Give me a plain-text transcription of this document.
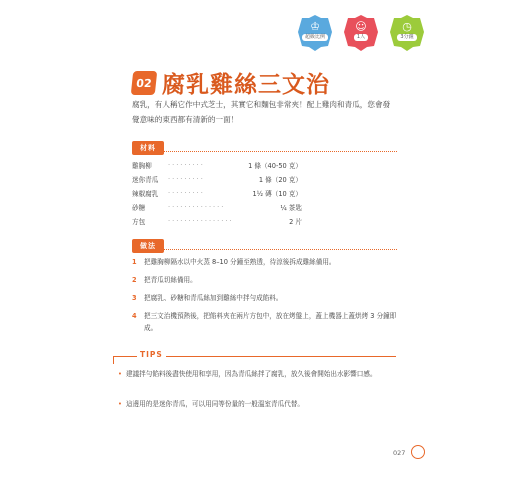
♔
超級比例
☺
1人
◷
3分鐘
02 腐乳雞絲三文治
腐乳，有人稱它作中式芝士，其實它和麵包非常夾！配上雞肉和青瓜，您會發覺意味的東西都有清新的一面！
材料
雞胸柳	·········	1 條（40-50 克）
迷你青瓜	·········	1 條（20 克）
辣椒腐乳	·········	1½ 磚（10 克）
砂糖	··············	¼ 茶匙
方包	················	2 片
做法
1	把雞胸柳隔水以中火蒸 8–10 分鐘至熟透，待涼後拆成雞絲備用。
2	把青瓜切絲備用。
3	把腐乳、砂糖和青瓜絲加到雞絲中拌勻成餡料。
4	把三文治機預熱後，把餡料夾在兩片方包中，放在烤盤上，蓋上機器上蓋烘烤 3 分鐘即成。
TIPS
• 建議拌勻餡料後盡快使用和享用，因為青瓜絲拌了腐乳，放久後會開始出水影響口感。
• 這邊用的是迷你青瓜，可以用同等份量的一般溫室青瓜代替。
027
